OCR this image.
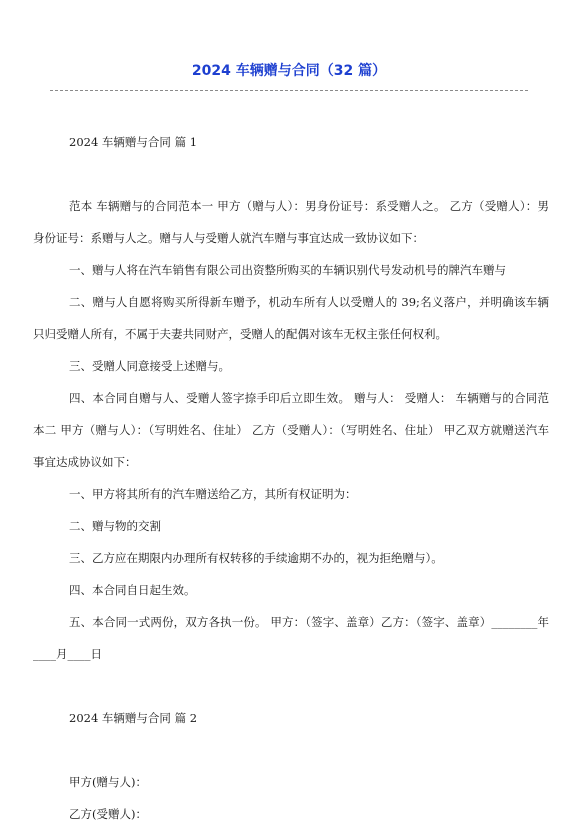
2024 车辆赠与合同（32 篇）

2024 车辆赠与合同 篇 1

范本 车辆赠与的合同范本一 甲方（赠与人）：男身份证号：系受赠人之。 乙方（受赠人）：男身份证号：系赠与人之。赠与人与受赠人就汽车赠与事宜达成一致协议如下：

一、赠与人将在汽车销售有限公司出资整所购买的车辆识别代号发动机号的牌汽车赠与

二、赠与人自愿将购买所得新车赠予，机动车所有人以受赠人的 39;名义落户，并明确该车辆只归受赠人所有，不属于夫妻共同财产，受赠人的配偶对该车无权主张任何权利。

三、受赠人同意接受上述赠与。

四、本合同自赠与人、受赠人签字捺手印后立即生效。 赠与人： 受赠人： 车辆赠与的合同范本二 甲方（赠与人）：（写明姓名、住址） 乙方（受赠人）：（写明姓名、住址） 甲乙双方就赠送汽车事宜达成协议如下：

一、甲方将其所有的汽车赠送给乙方，其所有权证明为：

二、赠与物的交割

三、乙方应在期限内办理所有权转移的手续逾期不办的，视为拒绝赠与）。

四、本合同自日起生效。

五、本合同一式两份，双方各执一份。 甲方：（签字、盖章）乙方：（签字、盖章）________年____月____日

2024 车辆赠与合同 篇 2

甲方(赠与人)：

乙方(受赠人)：
